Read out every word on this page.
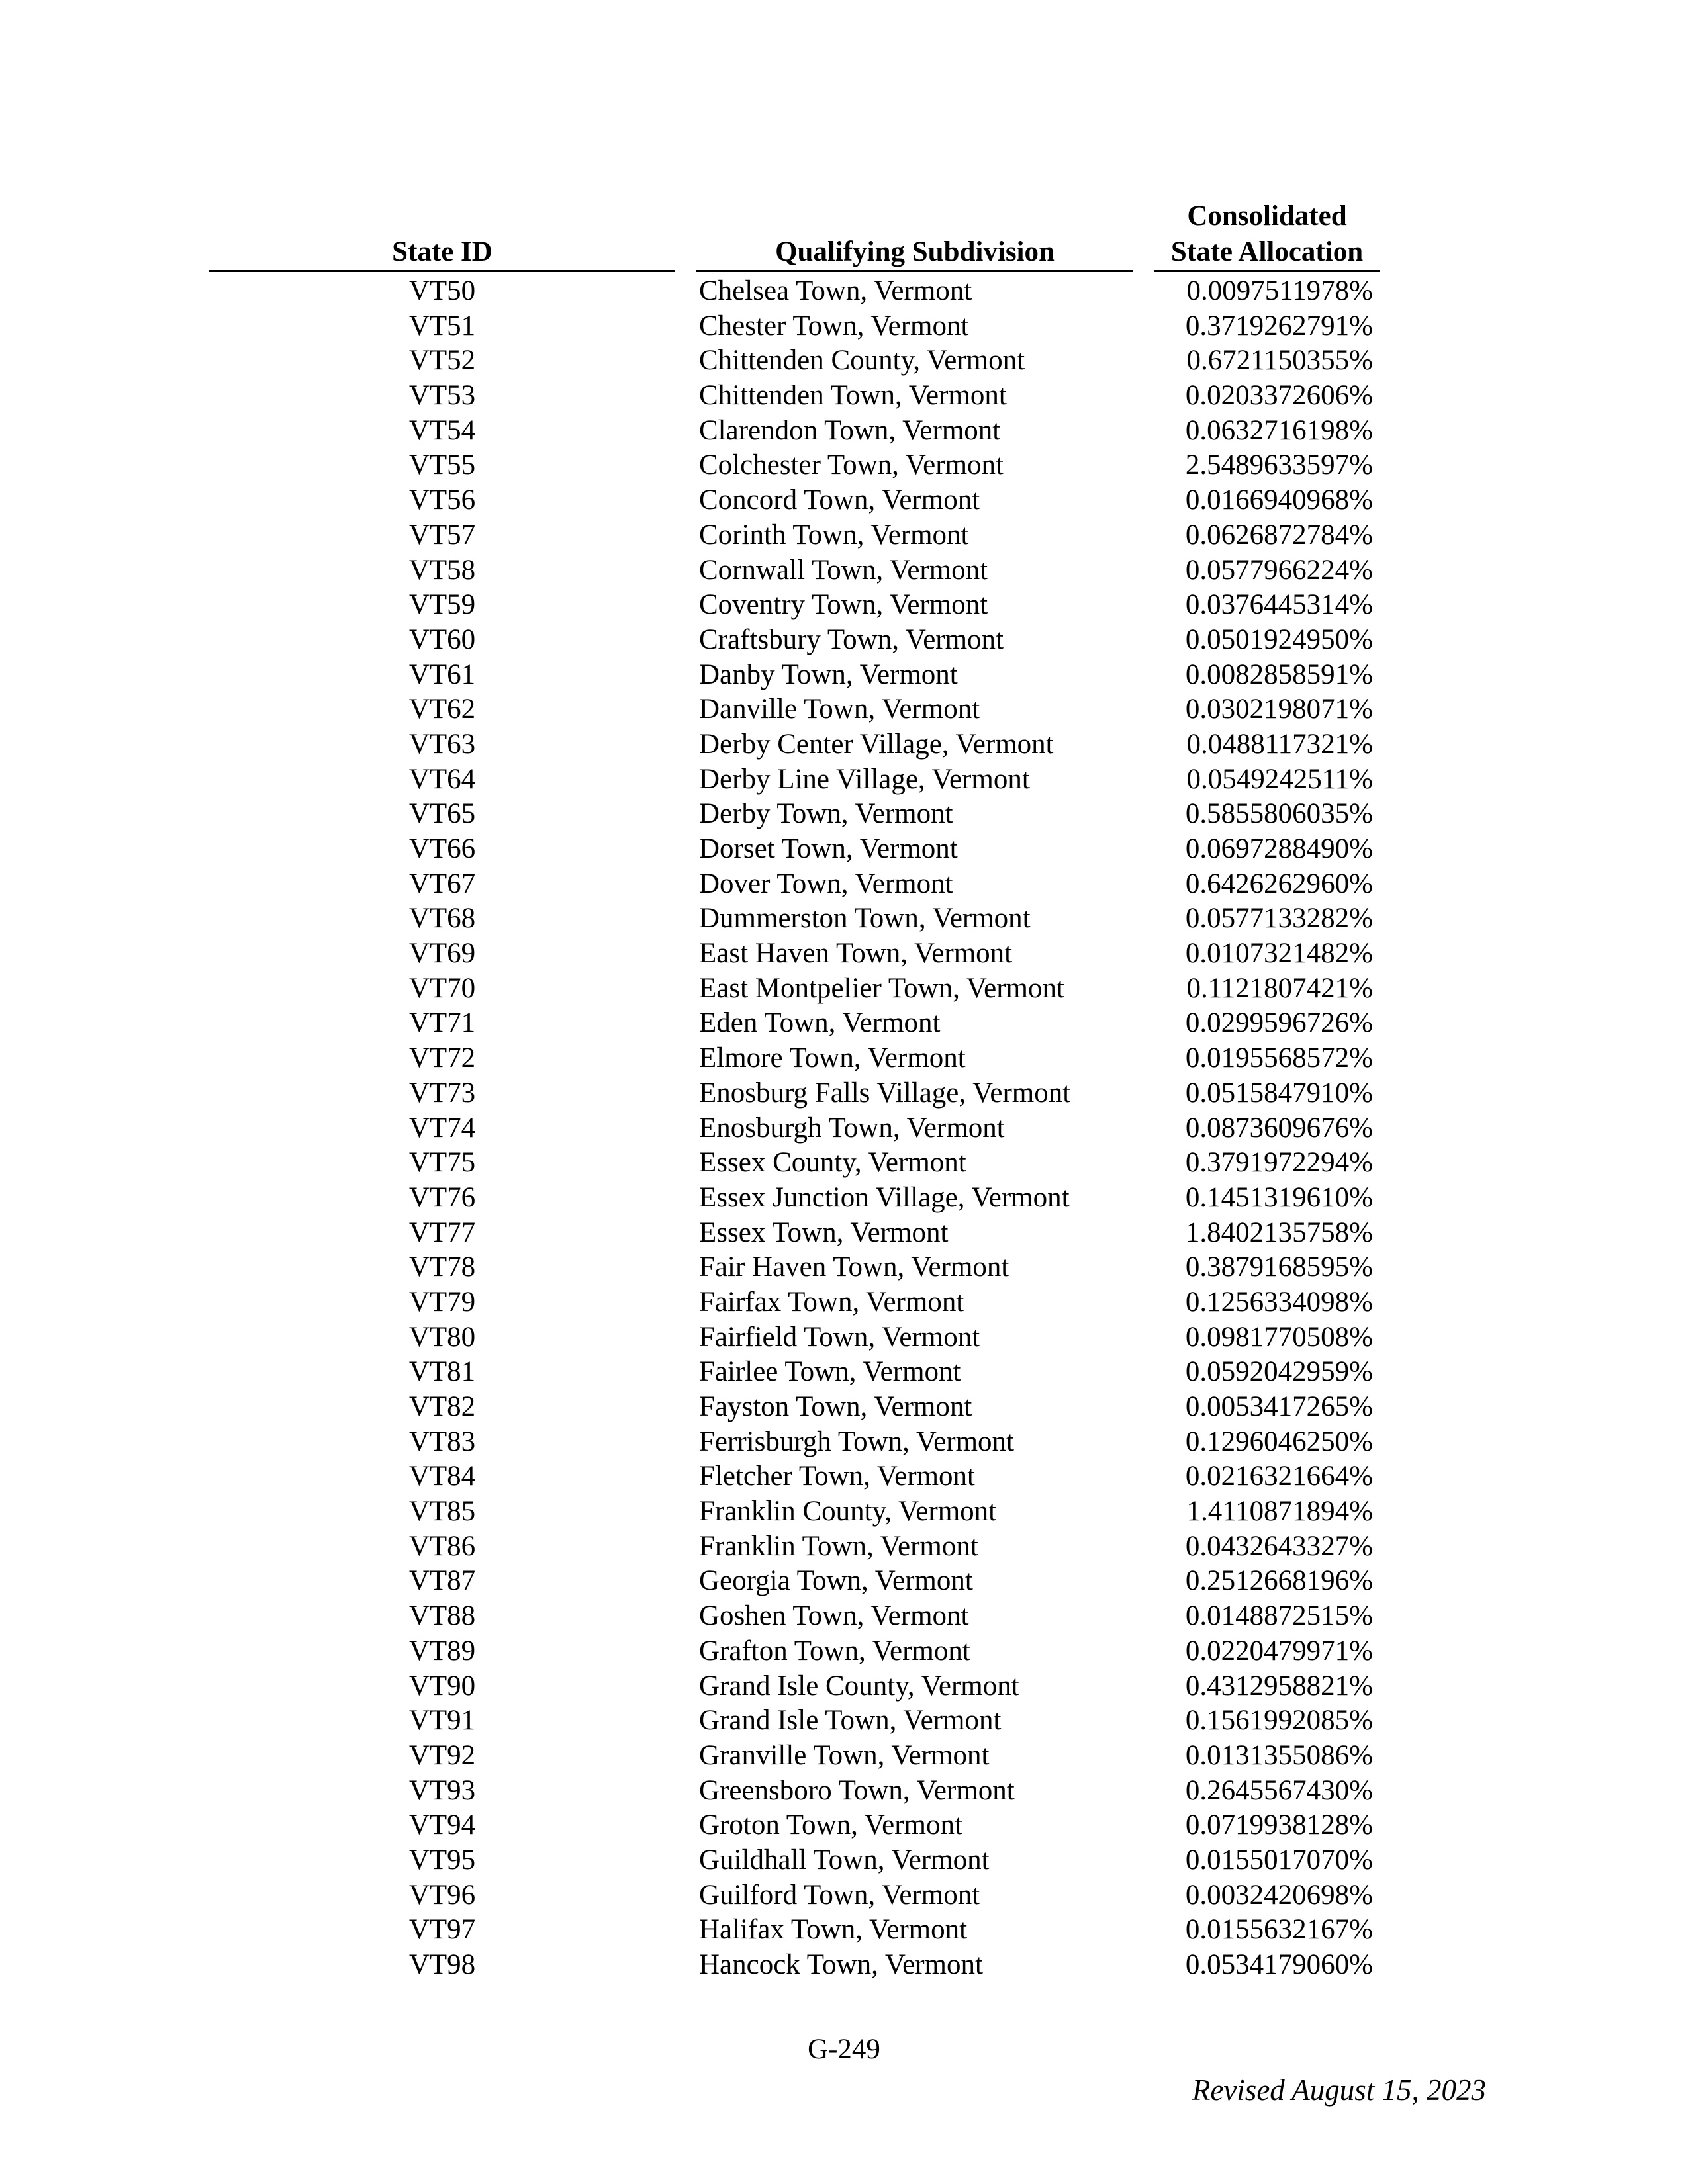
State ID	Qualifying Subdivision
Consolidated
State Allocation
VT50	Chelsea Town, Vermont	0.0097511978%
VT51	Chester Town, Vermont	0.3719262791%
VT52	Chittenden County, Vermont	0.6721150355%
VT53	Chittenden Town, Vermont	0.0203372606%
VT54	Clarendon Town, Vermont	0.0632716198%
VT55	Colchester Town, Vermont	2.5489633597%
VT56	Concord Town, Vermont	0.0166940968%
VT57	Corinth Town, Vermont	0.0626872784%
VT58	Cornwall Town, Vermont	0.0577966224%
VT59	Coventry Town, Vermont	0.0376445314%
VT60	Craftsbury Town, Vermont	0.0501924950%
VT61	Danby Town, Vermont	0.0082858591%
VT62	Danville Town, Vermont	0.0302198071%
VT63	Derby Center Village, Vermont	0.0488117321%
VT64	Derby Line Village, Vermont	0.0549242511%
VT65	Derby Town, Vermont	0.5855806035%
VT66	Dorset Town, Vermont	0.0697288490%
VT67	Dover Town, Vermont	0.6426262960%
VT68	Dummerston Town, Vermont	0.0577133282%
VT69	East Haven Town, Vermont	0.0107321482%
VT70	East Montpelier Town, Vermont	0.1121807421%
VT71	Eden Town, Vermont	0.0299596726%
VT72	Elmore Town, Vermont	0.0195568572%
VT73	Enosburg Falls Village, Vermont	0.0515847910%
VT74	Enosburgh Town, Vermont	0.0873609676%
VT75	Essex County, Vermont	0.3791972294%
VT76	Essex Junction Village, Vermont	0.1451319610%
VT77	Essex Town, Vermont	1.8402135758%
VT78	Fair Haven Town, Vermont	0.3879168595%
VT79	Fairfax Town, Vermont	0.1256334098%
VT80	Fairfield Town, Vermont	0.0981770508%
VT81	Fairlee Town, Vermont	0.0592042959%
VT82	Fayston Town, Vermont	0.0053417265%
VT83	Ferrisburgh Town, Vermont	0.1296046250%
VT84	Fletcher Town, Vermont	0.0216321664%
VT85	Franklin County, Vermont	1.4110871894%
VT86	Franklin Town, Vermont	0.0432643327%
VT87	Georgia Town, Vermont	0.2512668196%
VT88	Goshen Town, Vermont	0.0148872515%
VT89	Grafton Town, Vermont	0.0220479971%
VT90	Grand Isle County, Vermont	0.4312958821%
VT91	Grand Isle Town, Vermont	0.1561992085%
VT92	Granville Town, Vermont	0.0131355086%
VT93	Greensboro Town, Vermont	0.2645567430%
VT94	Groton Town, Vermont	0.0719938128%
VT95	Guildhall Town, Vermont	0.0155017070%
VT96	Guilford Town, Vermont	0.0032420698%
VT97	Halifax Town, Vermont	0.0155632167%
VT98	Hancock Town, Vermont	0.0534179060%
G-249
Revised August 15, 2023
